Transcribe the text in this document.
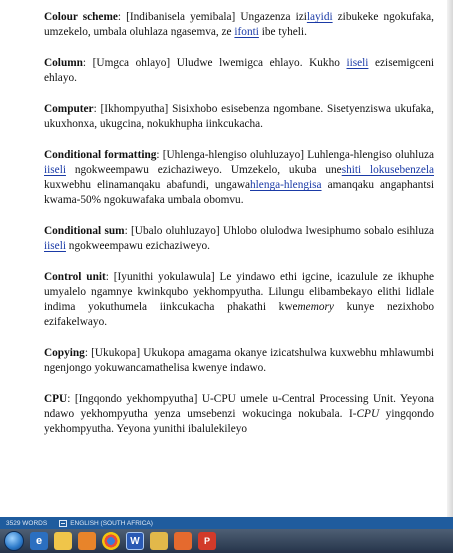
Colour scheme: [Indibanisela yemibala] Ungazenza izilayidi zibukeke ngokufaka, umzekelo, umbala oluhlaza ngasemva, ze ifonti ibe tyheli.

Column: [Umgca ohlayo] Uludwe lwemigca ehlayo. Kukho iiseli ezisemigceni ehlayo.

Computer: [Ikhompyutha] Sisixhobo esisebenza ngombane. Sisetyenziswa ukufaka, ukuxhonxa, ukugcina, nokukhupha iinkcukacha.

Conditional formatting: [Uhlenga-hlengiso oluhluzayo] Luhlenga-hlengiso oluhluza iiseli ngokweempawu ezichaziweyo. Umzekelo, ukuba uneshiti lokusebenzela kuxwebhu elinamanqaku abafundi, ungawahlenga-hlengisa amanqaku angaphantsi kwama-50% ngokuwafaka umbala obomvu.

Conditional sum: [Ubalo oluhluzayo] Uhlobo olulodwa lwesiphumo sobalo esihluza iiseli ngokweempawu ezichaziweyo.

Control unit: [Iyunithi yokulawula] Le yindawo ethi igcine, icazulule ze ikhuphe umyalelo ngamnye kwinkqubo yekhompyutha. Lilungu elibambekayo elithi lidlale indima yokuthumela iinkcukacha phakathi kwememory kunye nezixhobo ezifakelwayo.

Copying: [Ukukopa] Ukukopa amagama okanye izicatshulwa kuxwebhu mhlawumbi ngenjongo yokuwancamathelisa kwenye indawo.

CPU: [Ingqondo yekhompyutha] U-CPU umele u-Central Processing Unit. Yeyona ndawo yekhompyutha yenza umsebenzi wokucinga nokubala. I-CPU yingqondo yekhompyutha. Yeyona yunithi ibalulekileyo

3529 WORDS	ENGLISH (SOUTH AFRICA)
e	W	P
